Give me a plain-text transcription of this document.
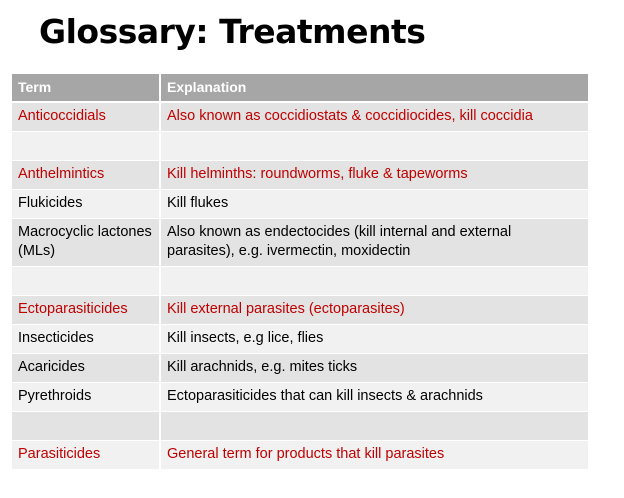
Glossary: Treatments
Term	Explanation
Anticoccidials	Also known as coccidiostats & coccidiocides, kill coccidia

Anthelmintics	Kill helminths: roundworms, fluke & tapeworms
Flukicides	Kill flukes
Macrocyclic lactones (MLs)	Also known as endectocides (kill internal and external parasites), e.g. ivermectin, moxidectin

Ectoparasiticides	Kill external parasites (ectoparasites)
Insecticides	Kill insects, e.g lice, flies
Acaricides	Kill arachnids, e.g. mites ticks
Pyrethroids	Ectoparasiticides that can kill insects & arachnids

Parasiticides	General term for products that kill parasites
